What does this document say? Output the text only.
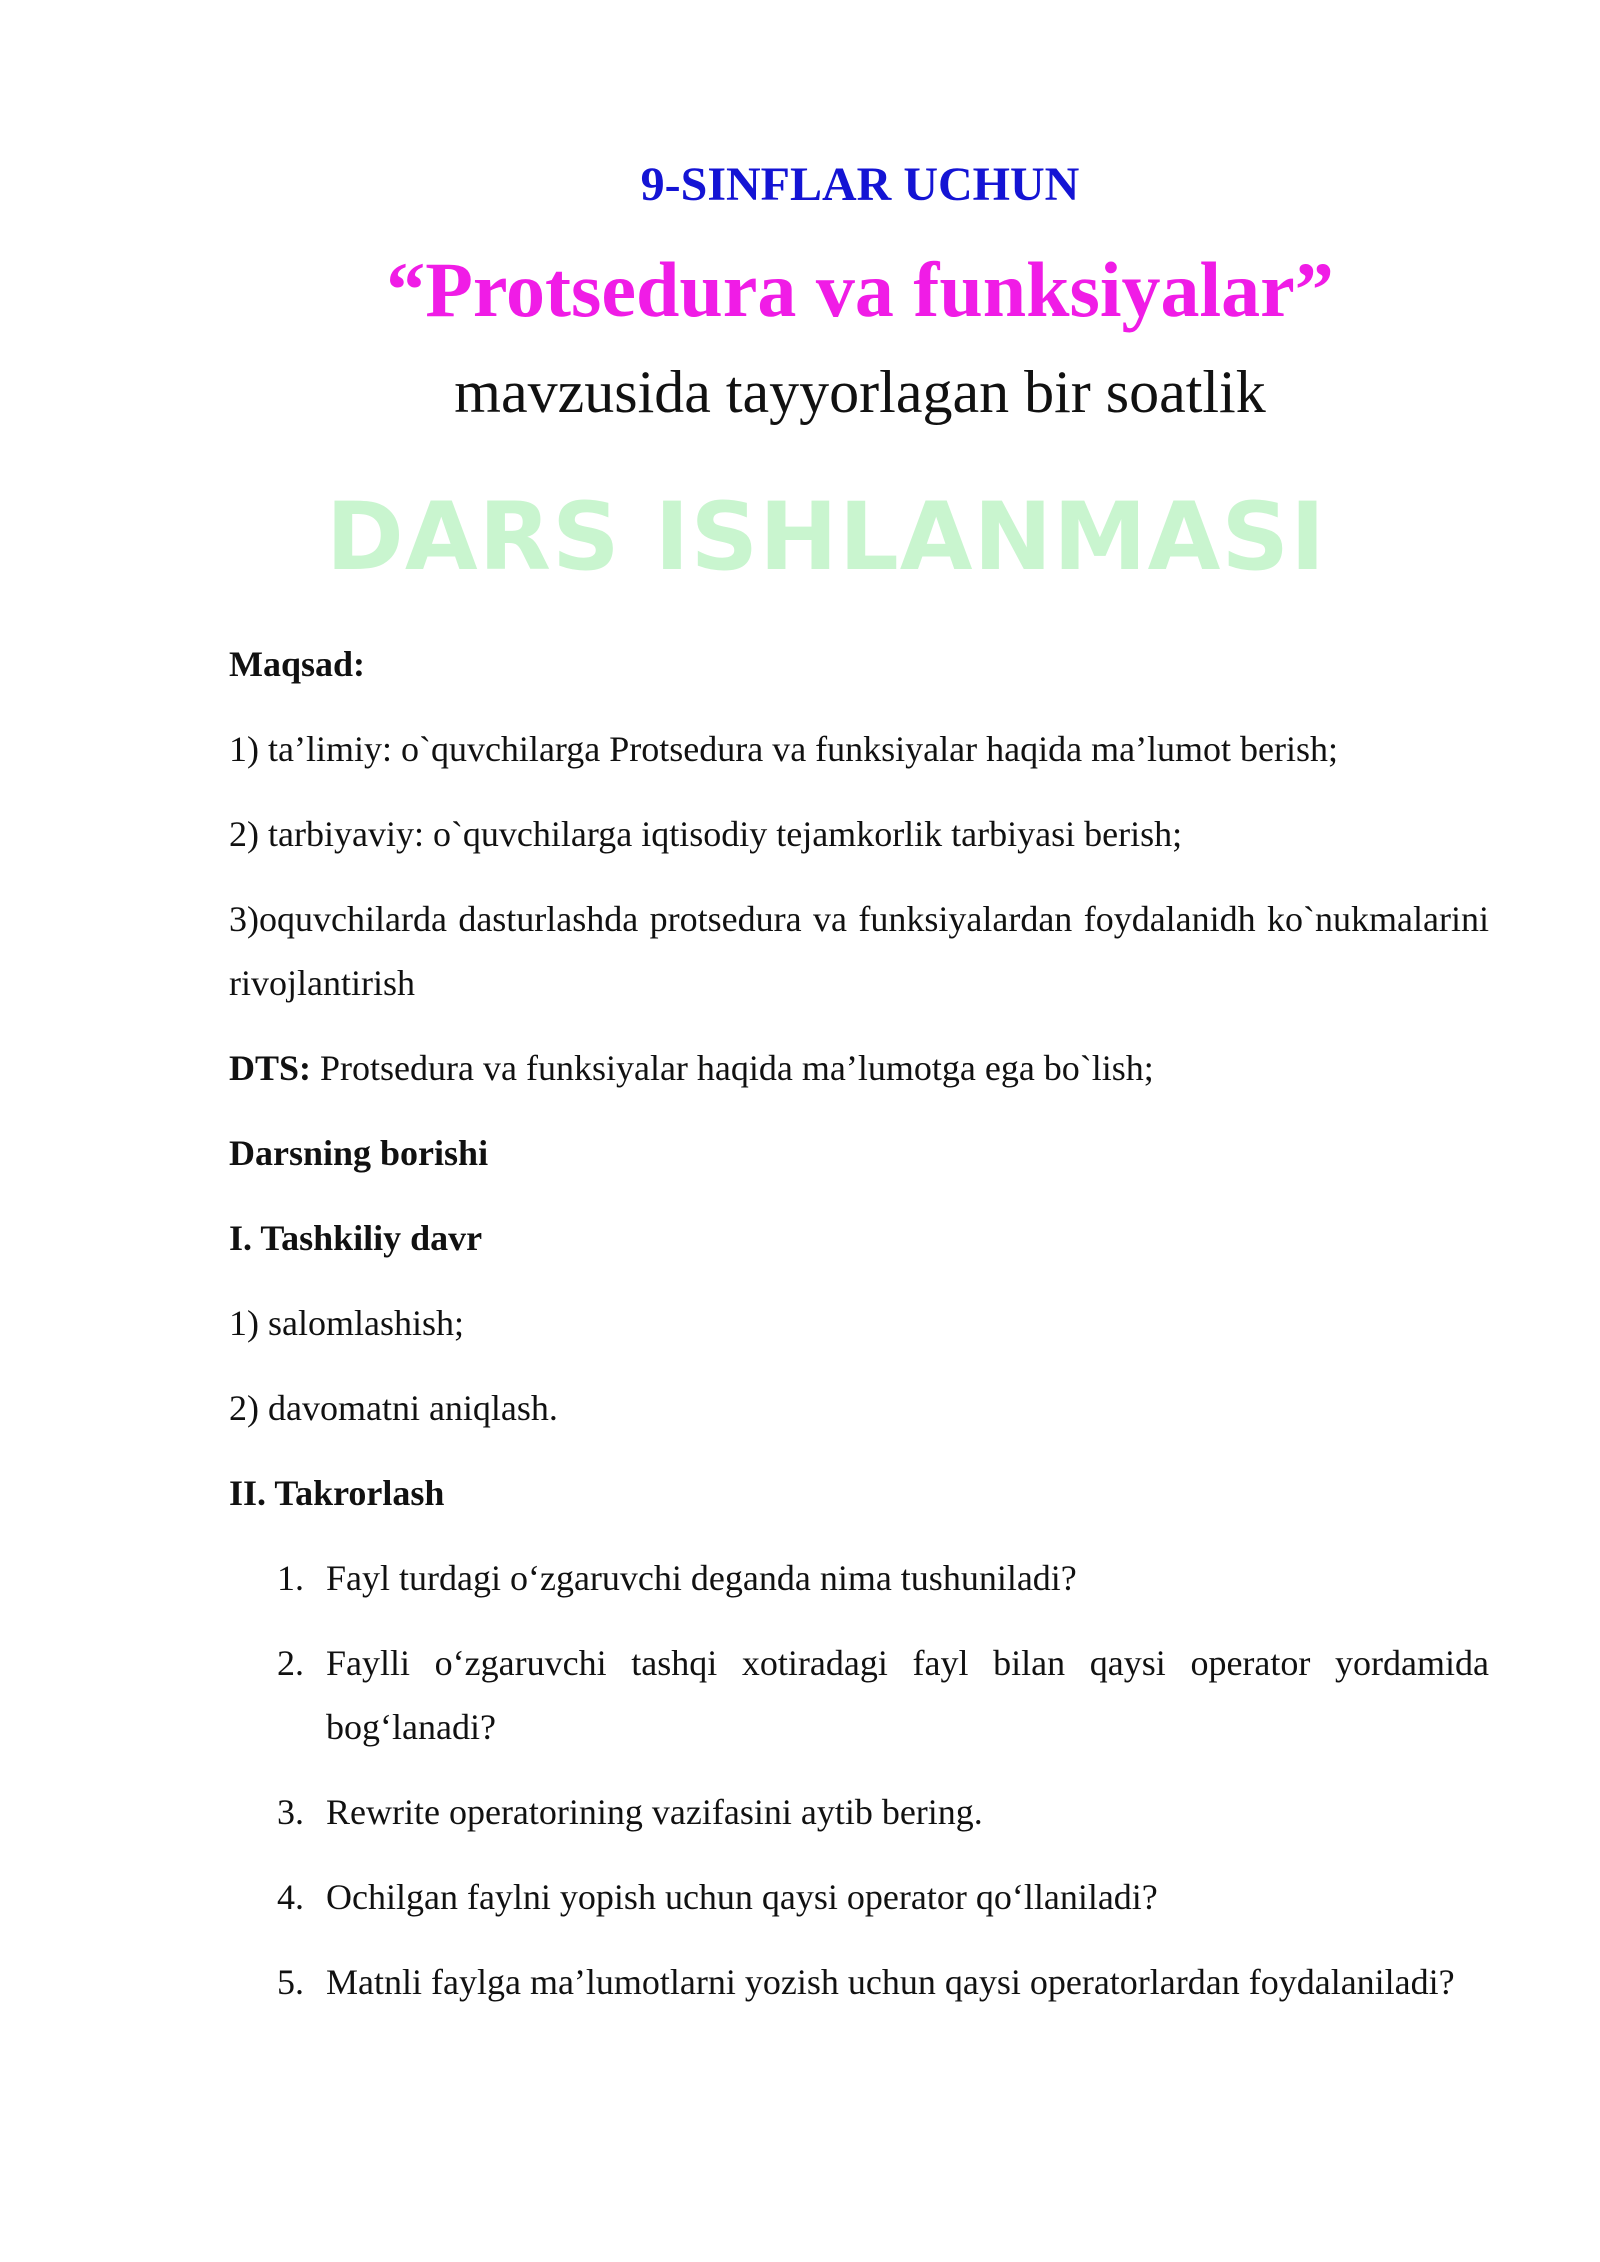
9-SINFLAR UCHUN
“Protsedura va funksiyalar”
mavzusida tayyorlagan bir soatlik
DARS ISHLANMASI

Maqsad:

1) ta’limiy: o`quvchilarga Protsedura va funksiyalar haqida ma’lumot berish;

2) tarbiyaviy: o`quvchilarga iqtisodiy tejamkorlik tarbiyasi berish;

3)oquvchilarda dasturlashda protsedura va funksiyalardan foydalanidh ko`nukmalarini rivojlantirish

DTS: Protsedura va funksiyalar haqida ma’lumotga ega bo`lish;

Darsning borishi

I. Tashkiliy davr

1) salomlashish;

2) davomatni aniqlash.

II. Takrorlash

1. Fayl turdagi o‘zgaruvchi deganda nima tushuniladi?
2. Faylli o‘zgaruvchi tashqi xotiradagi fayl bilan qaysi operator yordamida bog‘lanadi?
3. Rewrite operatorining vazifasini aytib bering.
4. Ochilgan faylni yopish uchun qaysi operator qo‘llaniladi?
5. Matnli faylga ma’lumotlarni yozish uchun qaysi operatorlardan foydalaniladi?
